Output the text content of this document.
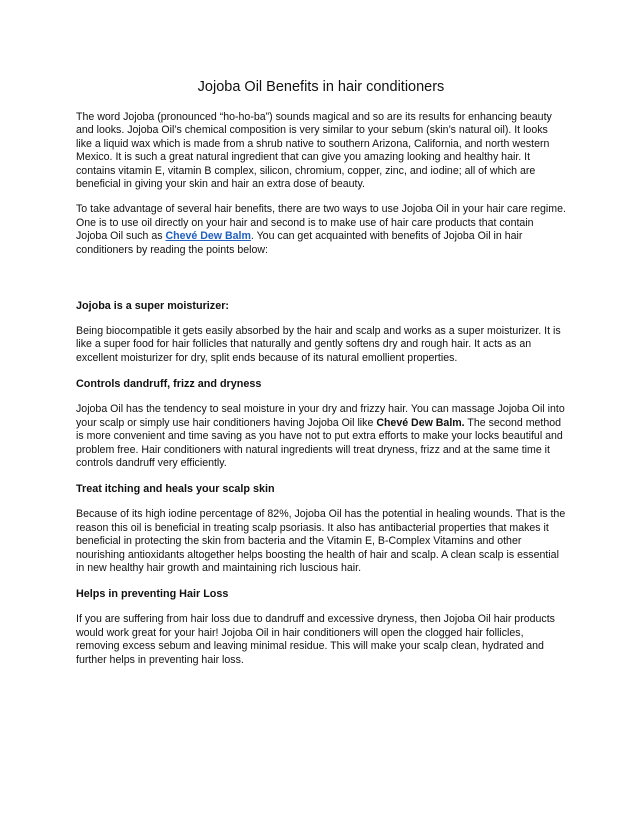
Jojoba Oil Benefits in hair conditioners

The word Jojoba (pronounced “ho-ho-ba”) sounds magical and so are its results for enhancing beauty and looks. Jojoba Oil’s chemical composition is very similar to your sebum (skin’s natural oil). It looks like a liquid wax which is made from a shrub native to southern Arizona, California, and north western Mexico. It is such a great natural ingredient that can give you amazing looking and healthy hair. It contains vitamin E, vitamin B complex, silicon, chromium, copper, zinc, and iodine; all of which are beneficial in giving your skin and hair an extra dose of beauty.

To take advantage of several hair benefits, there are two ways to use Jojoba Oil in your hair care regime. One is to use oil directly on your hair and second is to make use of hair care products that contain Jojoba Oil such as Chevé Dew Balm. You can get acquainted with benefits of Jojoba Oil in hair conditioners by reading the points below:

Jojoba is a super moisturizer:

Being biocompatible it gets easily absorbed by the hair and scalp and works as a super moisturizer. It is like a super food for hair follicles that naturally and gently softens dry and rough hair. It acts as an excellent moisturizer for dry, split ends because of its natural emollient properties.

Controls dandruff, frizz and dryness

Jojoba Oil has the tendency to seal moisture in your dry and frizzy hair. You can massage Jojoba Oil into your scalp or simply use hair conditioners having Jojoba Oil like Chevé Dew Balm. The second method is more convenient and time saving as you have not to put extra efforts to make your locks beautiful and problem free. Hair conditioners with natural ingredients will treat dryness, frizz and at the same time it controls dandruff very efficiently.

Treat itching and heals your scalp skin

Because of its high iodine percentage of 82%, Jojoba Oil has the potential in healing wounds. That is the reason this oil is beneficial in treating scalp psoriasis. It also has antibacterial properties that makes it beneficial in protecting the skin from bacteria and the Vitamin E, B-Complex Vitamins and other nourishing antioxidants altogether helps boosting the health of hair and scalp. A clean scalp is essential in new healthy hair growth and maintaining rich luscious hair.

Helps in preventing Hair Loss

If you are suffering from hair loss due to dandruff and excessive dryness, then Jojoba Oil hair products would work great for your hair! Jojoba Oil in hair conditioners will open the clogged hair follicles, removing excess sebum and leaving minimal residue. This will make your scalp clean, hydrated and further helps in preventing hair loss.
